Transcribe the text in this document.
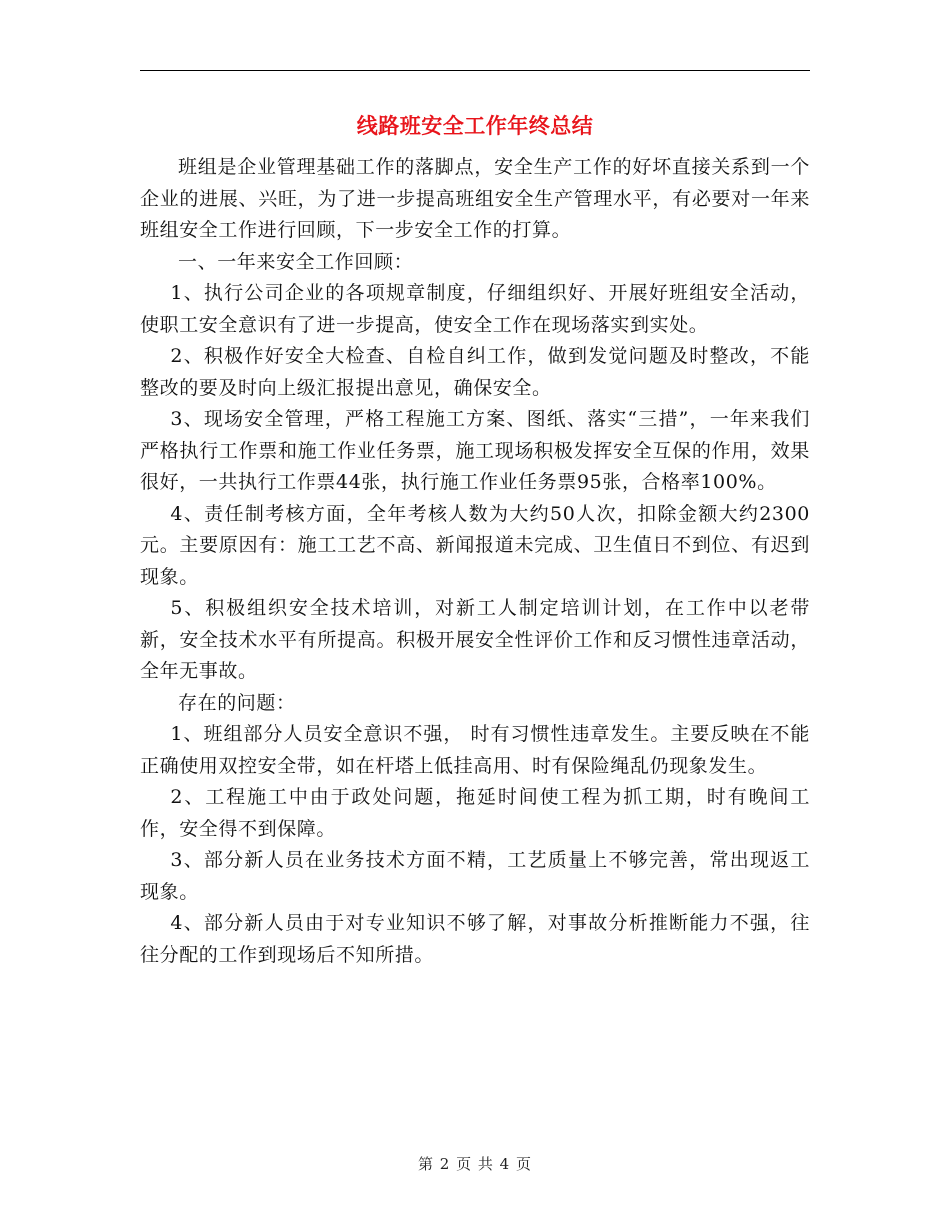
线路班安全工作年终总结

班组是企业管理基础工作的落脚点，安全生产工作的好坏直接关系到一个企业的进展、兴旺，为了进一步提高班组安全生产管理水平，有必要对一年来班组安全工作进行回顾，下一步安全工作的打算。

一、一年来安全工作回顾：

1、执行公司企业的各项规章制度，仔细组织好、开展好班组安全活动，使职工安全意识有了进一步提高，使安全工作在现场落实到实处。

2、积极作好安全大检查、自检自纠工作，做到发觉问题及时整改，不能整改的要及时向上级汇报提出意见，确保安全。

3、现场安全管理，严格工程施工方案、图纸、落实“三措”，一年来我们严格执行工作票和施工作业任务票，施工现场积极发挥安全互保的作用，效果很好，一共执行工作票44张，执行施工作业任务票95张，合格率100%。

4、责任制考核方面，全年考核人数为大约50人次，扣除金额大约2300元。主要原因有：施工工艺不高、新闻报道未完成、卫生值日不到位、有迟到现象。

5、积极组织安全技术培训，对新工人制定培训计划，在工作中以老带新，安全技术水平有所提高。积极开展安全性评价工作和反习惯性违章活动，全年无事故。

存在的问题：

1、班组部分人员安全意识不强， 时有习惯性违章发生。主要反映在不能正确使用双控安全带，如在杆塔上低挂高用、时有保险绳乱仍现象发生。

2、工程施工中由于政处问题，拖延时间使工程为抓工期，时有晚间工作，安全得不到保障。

3、部分新人员在业务技术方面不精，工艺质量上不够完善，常出现返工现象。

4、部分新人员由于对专业知识不够了解，对事故分析推断能力不强，往往分配的工作到现场后不知所措。

第 2 页 共 4 页
